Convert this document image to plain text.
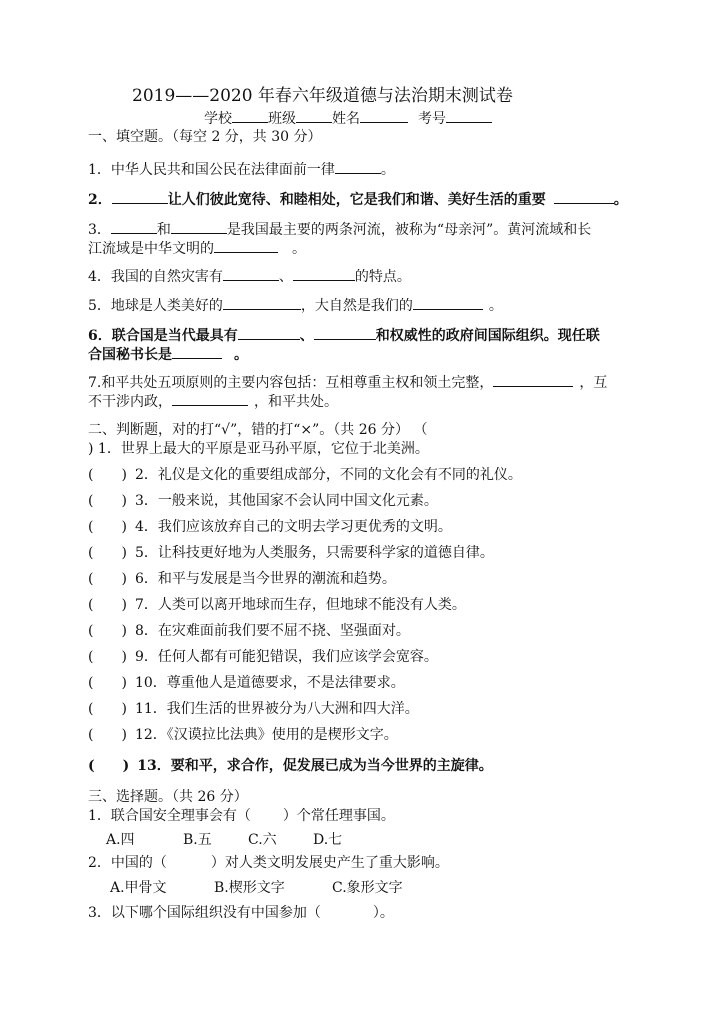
2019——2020 年春六年级道德与法治期末测试卷
学校	班级	姓名	考号
一、填空题。（每空 2 分，共 30 分）
1．中华人民共和国公民在法律面前一律	。
2．	让人们彼此宽待、和睦相处，它是我们和谐、美好生活的重要	。
3．	和	是我国最主要的两条河流，被称为“母亲河”。黄河流域和长
江流域是中华文明的	。
4．我国的自然灾害有	、	的特点。
5．地球是人类美好的	，大自然是我们的	。
6．联合国是当代最具有	、	和权威性的政府间国际组织。现任联
合国秘书长是	。
7.和平共处五项原则的主要内容包括：互相尊重主权和领土完整，	，互
不干涉内政，	，和平共处。
二、判断题，对的打“√”，错的打“×”。（共 26 分） （
) 1．世界上最大的平原是亚马孙平原，它位于北美洲。
( ) 2．礼仪是文化的重要组成部分，不同的文化会有不同的礼仪。
( ) 3．一般来说，其他国家不会认同中国文化元素。
( ) 4．我们应该放弃自己的文明去学习更优秀的文明。
( ) 5．让科技更好地为人类服务，只需要科学家的道德自律。
( ) 6．和平与发展是当今世界的潮流和趋势。
( ) 7．人类可以离开地球而生存，但地球不能没有人类。
( ) 8．在灾难面前我们要不屈不挠、坚强面对。
( ) 9．任何人都有可能犯错误，我们应该学会宽容。
( ) 10．尊重他人是道德要求，不是法律要求。
( ) 11．我们生活的世界被分为八大洲和四大洋。
( ) 12．《汉谟拉比法典》使用的是楔形文字。
( ) 13．要和平，求合作，促发展已成为当今世界的主旋律。
三、选择题。（共 26 分）
1．联合国安全理事会有（ ）个常任理事国。
A.四	B.五	C.六	D.七
2．中国的（	）对人类文明发展史产生了重大影响。
A.甲骨文	B.楔形文字	C.象形文字
3．以下哪个国际组织没有中国参加（	）。
